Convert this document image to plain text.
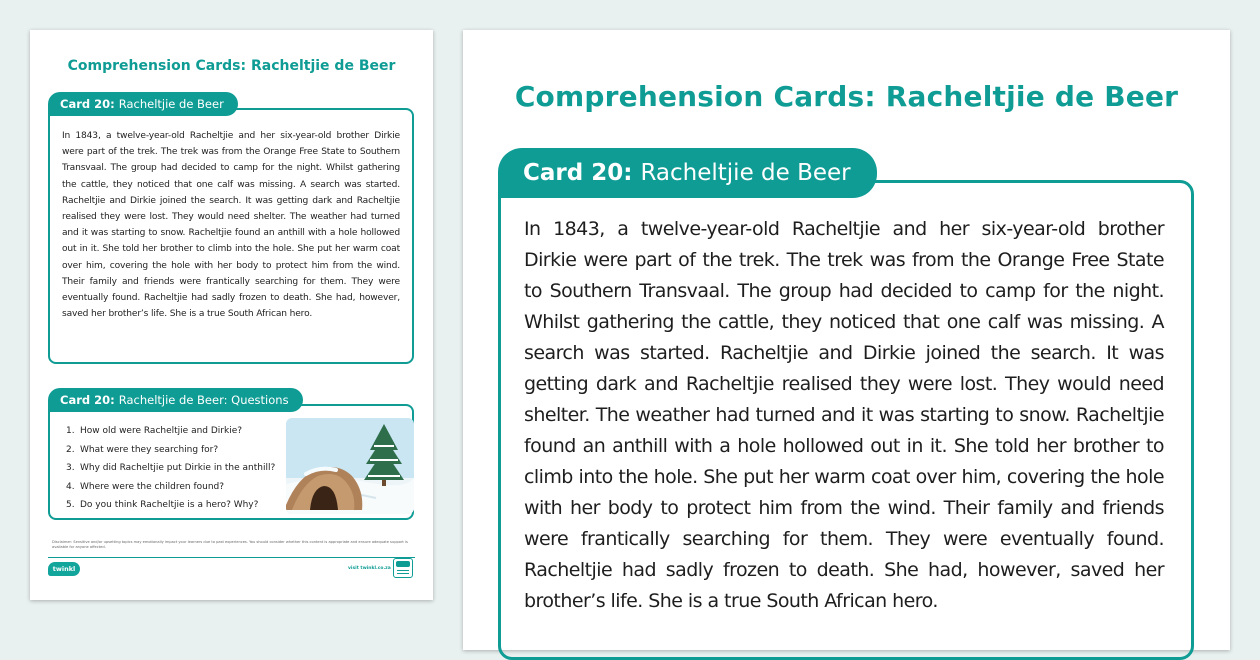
Comprehension Cards: Racheltjie de Beer
In 1843, a twelve-year-old Racheltjie and her six-year-old brother Dirkie were part of the trek. The trek was from the Orange Free State to Southern Transvaal. The group had decided to camp for the night. Whilst gathering the cattle, they noticed that one calf was missing. A search was started. Racheltjie and Dirkie joined the search. It was getting dark and Racheltjie realised they were lost. They would need shelter. The weather had turned and it was starting to snow. Racheltjie found an anthill with a hole hollowed out in it. She told her brother to climb into the hole. She put her warm coat over him, covering the hole with her body to protect him from the wind. Their family and friends were frantically searching for them. They were eventually found. Racheltjie had sadly frozen to death. She had, however, saved her brother’s life. She is a true South African hero.
Card 20: Racheltjie de Beer
1. How old were Racheltjie and Dirkie?
2. What were they searching for?
3. Why did Racheltjie put Dirkie in the anthill?
4. Where were the children found?
5. Do you think Racheltjie is a hero? Why?
Card 20: Racheltjie de Beer: Questions
Disclaimer: Sensitive and/or upsetting topics may emotionally impact your learners due to past experiences. You should consider whether this content is appropriate and ensure adequate support is available for anyone affected.
twinkl	visit twinkl.co.za
Comprehension Cards: Racheltjie de Beer
Card 20: Racheltjie de Beer
In 1843, a twelve-year-old Racheltjie and her six-year-old brother Dirkie were part of the trek. The trek was from the Orange Free State to Southern Transvaal. The group had decided to camp for the night. Whilst gathering the cattle, they noticed that one calf was missing. A search was started. Racheltjie and Dirkie joined the search. It was getting dark and Racheltjie realised they were lost. They would need shelter. The weather had turned and it was starting to snow. Racheltjie found an anthill with a hole hollowed out in it. She told her brother to climb into the hole. She put her warm coat over him, covering the hole with her body to protect him from the wind. Their family and friends were frantically searching for them. They were eventually found. Racheltjie had sadly frozen to death. She had, however, saved her brother’s life. She is a true South African hero.
